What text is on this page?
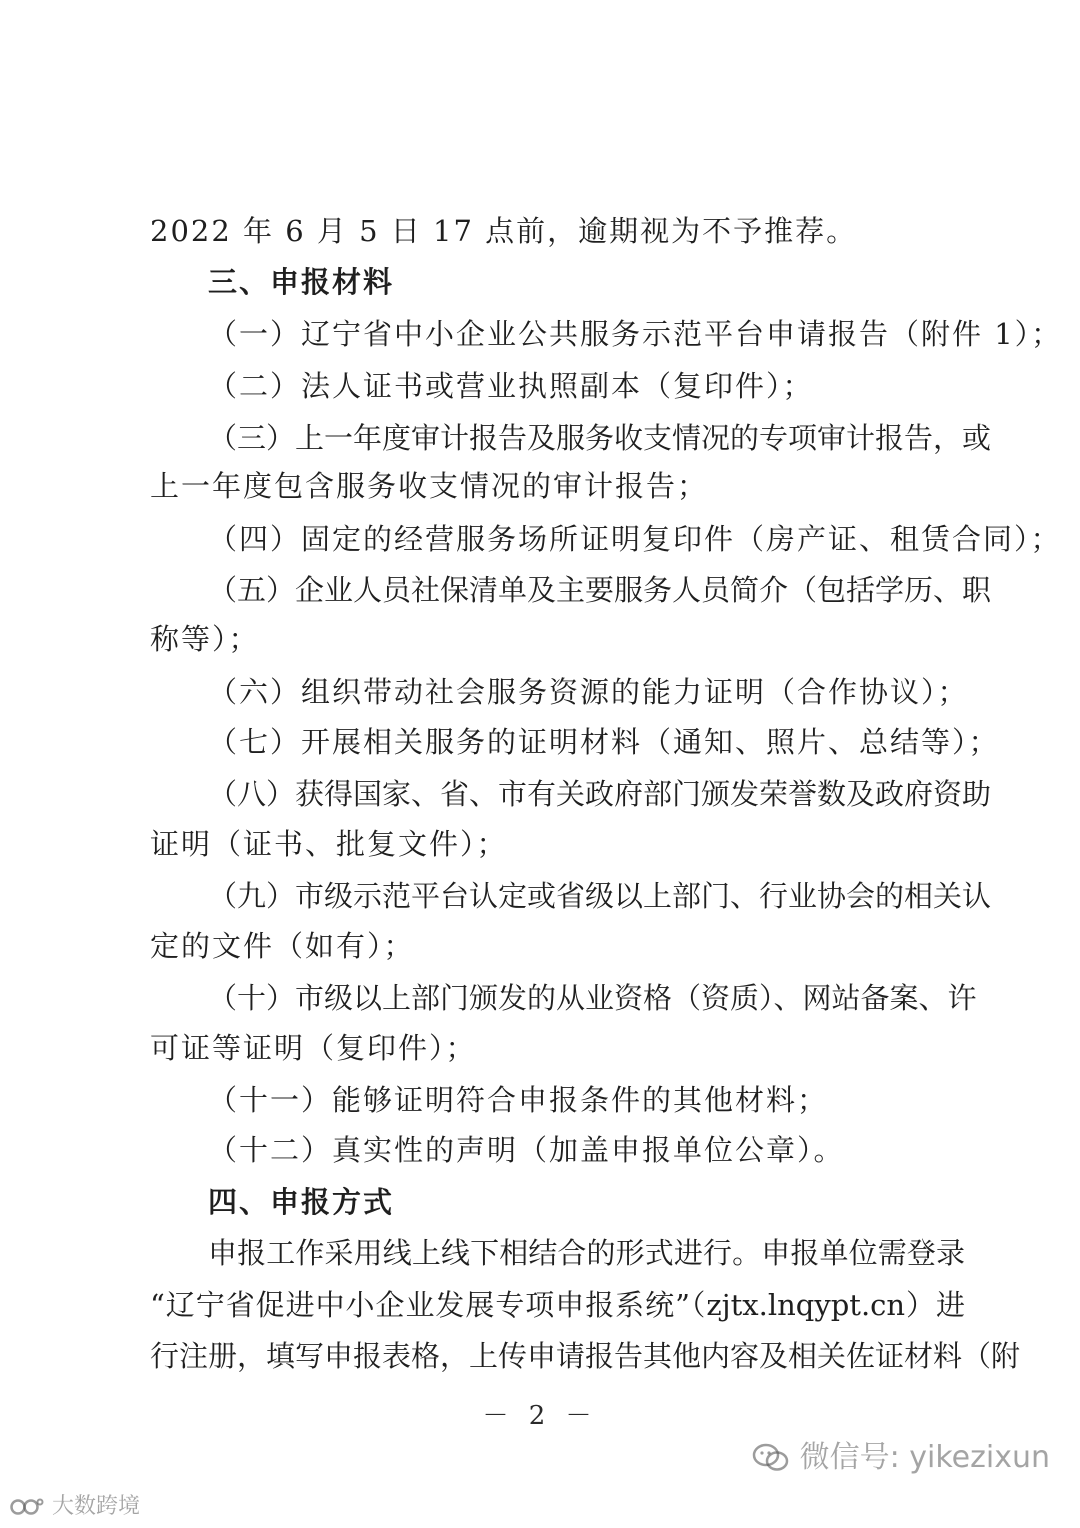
2022 年 6 月 5 日 17 点前，逾期视为不予推荐。
三、申报材料
（一）辽宁省中小企业公共服务示范平台申请报告（附件 1）；
（二）法人证书或营业执照副本（复印件）；
（三）上一年度审计报告及服务收支情况的专项审计报告，或
上一年度包含服务收支情况的审计报告；
（四）固定的经营服务场所证明复印件（房产证、租赁合同）；
（五）企业人员社保清单及主要服务人员简介（包括学历、职
称等）；
（六）组织带动社会服务资源的能力证明（合作协议）；
（七）开展相关服务的证明材料（通知、照片、总结等）；
（八）获得国家、省、市有关政府部门颁发荣誉数及政府资助
证明（证书、批复文件）；
（九）市级示范平台认定或省级以上部门、行业协会的相关认
定的文件（如有）；
（十）市级以上部门颁发的从业资格（资质）、网站备案、许
可证等证明（复印件）；
（十一）能够证明符合申报条件的其他材料；
（十二）真实性的声明（加盖申报单位公章）。
四、申报方式
申报工作采用线上线下相结合的形式进行。申报单位需登录
“辽宁省促进中小企业发展专项申报系统”（zjtx.lnqypt.cn）进
行注册，填写申报表格，上传申请报告其他内容及相关佐证材料（附
－ 2 －
微信号: yikezixun
大数跨境
